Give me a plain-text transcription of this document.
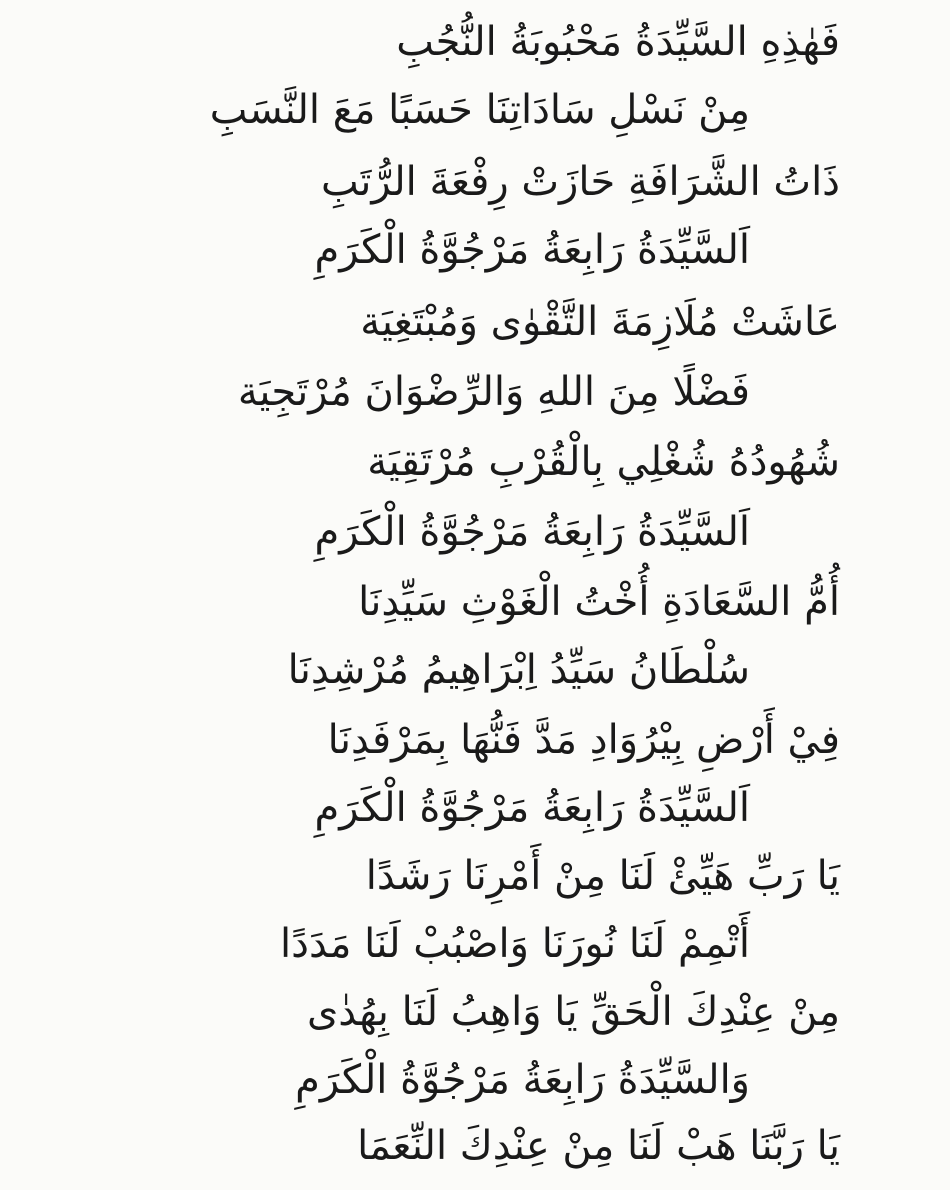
فَهٰذِهِ السَّيِّدَةُ مَحْبُوبَةُ النُّجُبِ
مِنْ نَسْلِ سَادَاتِنَا حَسَبًا مَعَ النَّسَبِ
ذَاتُ الشَّرَافَةِ حَازَتْ رِفْعَةَ الرُّتَبِ
اَلسَّيِّدَةُ رَابِعَةُ مَرْجُوَّةُ الْكَرَمِ
عَاشَتْ مُلَازِمَةَ التَّقْوٰى وَمُبْتَغِيَة
فَضْلًا مِنَ اللهِ وَالرِّضْوَانَ مُرْتَجِيَة
شُهُودُهُ شُغْلِي بِالْقُرْبِ مُرْتَقِيَة
اَلسَّيِّدَةُ رَابِعَةُ مَرْجُوَّةُ الْكَرَمِ
أُمُّ السَّعَادَةِ أُخْتُ الْغَوْثِ سَيِّدِنَا
سُلْطَانُ سَيِّدُ اِبْرَاهِيمُ مُرْشِدِنَا
فِيْ أَرْضِ بِيْرُوَادِ مَدَّ فَنُّهَا بِمَرْفَدِنَا
اَلسَّيِّدَةُ رَابِعَةُ مَرْجُوَّةُ الْكَرَمِ
يَا رَبِّ هَيِّئْ لَنَا مِنْ أَمْرِنَا رَشَدًا
أَتْمِمْ لَنَا نُورَنَا وَاصْبُبْ لَنَا مَدَدًا
مِنْ عِنْدِكَ الْحَقِّ يَا وَاهِبُ لَنَا بِهُدٰى
وَالسَّيِّدَةُ رَابِعَةُ مَرْجُوَّةُ الْكَرَمِ
يَا رَبَّنَا هَبْ لَنَا مِنْ عِنْدِكَ النِّعَمَا
